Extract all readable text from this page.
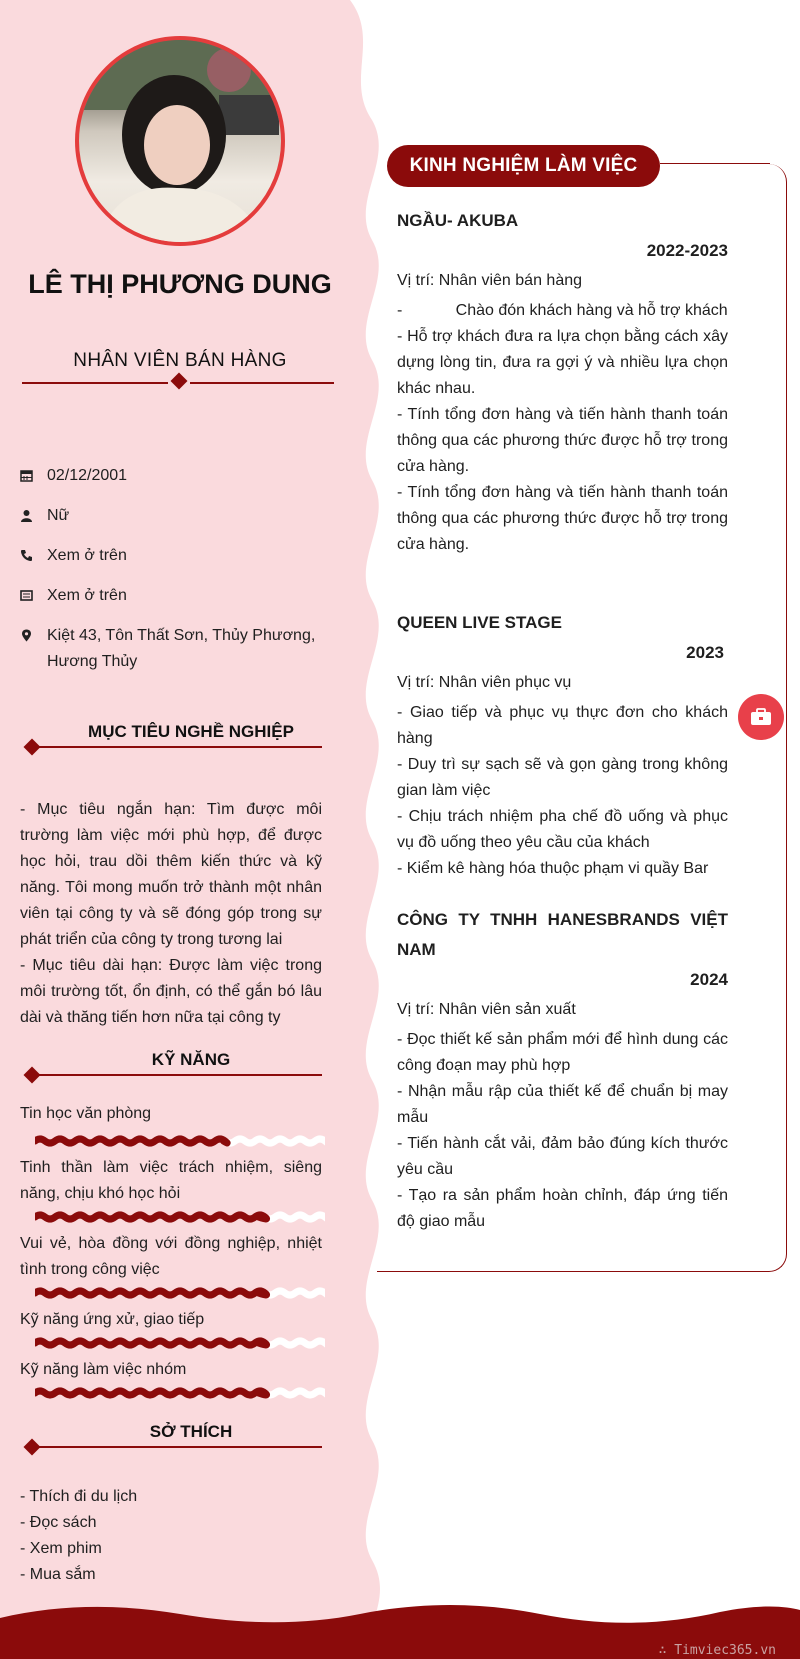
LÊ THỊ PHƯƠNG DUNG
NHÂN VIÊN BÁN HÀNG
02/12/2001
Nữ
Xem ở trên
Xem ở trên
Kiệt 43, Tôn Thất Sơn, Thủy Phương, Hương Thủy
MỤC TIÊU NGHỀ NGHIỆP
- Mục tiêu ngắn hạn: Tìm được môi trường làm việc mới phù hợp, để được học hỏi, trau dồi thêm kiến thức và kỹ năng. Tôi mong muốn trở thành một nhân viên tại công ty và sẽ đóng góp trong sự phát triển của công ty trong tương lai
- Mục tiêu dài hạn: Được làm việc trong môi trường tốt, ổn định, có thể gắn bó lâu dài và thăng tiến hơn nữa tại công ty
KỸ NĂNG
Tin học văn phòng
Tinh thần làm việc trách nhiệm, siêng năng, chịu khó học hỏi
Vui vẻ, hòa đồng với đồng nghiệp, nhiệt tình trong công việc
Kỹ năng ứng xử, giao tiếp
Kỹ năng làm việc nhóm
SỞ THÍCH
- Thích đi du lịch
- Đọc sách
- Xem phim
- Mua sắm
KINH NGHIỆM LÀM VIỆC
NGẦU- AKUBA
2022-2023
Vị trí: Nhân viên bán hàng
-            Chào đón khách hàng và hỗ trợ khách
- Hỗ trợ khách đưa ra lựa chọn bằng cách xây dựng lòng tin, đưa ra gợi ý và nhiều lựa chọn khác nhau.
- Tính tổng đơn hàng và tiến hành thanh toán thông qua các phương thức được hỗ trợ trong cửa hàng.
- Tính tổng đơn hàng và tiến hành thanh toán thông qua các phương thức được hỗ trợ trong cửa hàng.
QUEEN LIVE STAGE
2023
Vị trí: Nhân viên phục vụ
- Giao tiếp và phục vụ thực đơn cho khách hàng
- Duy trì sự sạch sẽ và gọn gàng trong không gian làm việc
- Chịu trách nhiệm pha chế đồ uống và phục vụ đồ uống theo yêu cầu của khách
- Kiểm kê hàng hóa thuộc phạm vi quầy Bar
CÔNG TY TNHH HANESBRANDS VIỆT NAM
2024
Vị trí: Nhân viên sản xuất
- Đọc thiết kế sản phẩm mới để hình dung các công đoạn may phù hợp
- Nhận mẫu rập của thiết kế để chuẩn bị may mẫu
- Tiến hành cắt vải, đảm bảo đúng kích thước yêu cầu
- Tạo ra sản phẩm hoàn chỉnh, đáp ứng tiến độ giao mẫu
∴ Timviec365.vn
